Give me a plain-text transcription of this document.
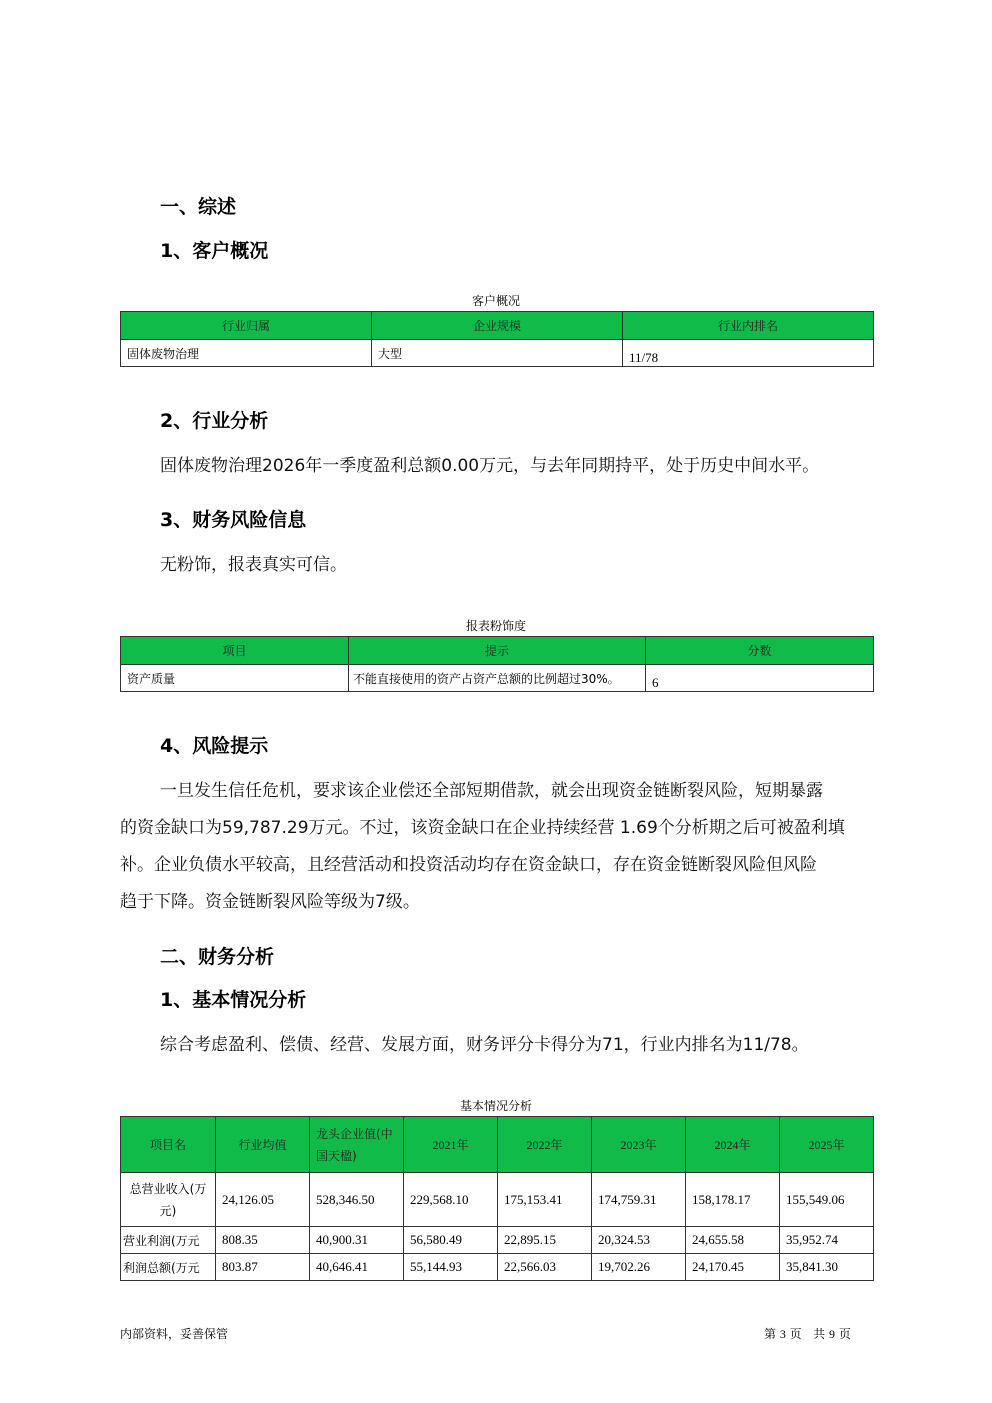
一、综述
1、客户概况
客户概况
行业归属	企业规模	行业内排名
固体废物治理	大型	11/78
2、行业分析
固体废物治理2026年一季度盈利总额0.00万元，与去年同期持平，处于历史中间水平。
3、财务风险信息
无粉饰，报表真实可信。
报表粉饰度
项目	提示	分数
资产质量	不能直接使用的资产占资产总额的比例超过30%。	6
4、风险提示
一旦发生信任危机，要求该企业偿还全部短期借款，就会出现资金链断裂风险，短期暴露
的资金缺口为59,787.29万元。不过，该资金缺口在企业持续经营 1.69个分析期之后可被盈利填
补。企业负债水平较高，且经营活动和投资活动均存在资金缺口，存在资金链断裂风险但风险
趋于下降。资金链断裂风险等级为7级。
二、财务分析
1、基本情况分析
综合考虑盈利、偿债、经营、发展方面，财务评分卡得分为71，行业内排名为11/78。
基本情况分析
项目名	行业均值	龙头企业值(中国天楹)	2021年	2022年	2023年	2024年	2025年
总营业收入(万元)	24,126.05	528,346.50	229,568.10	175,153.41	174,759.31	158,178.17	155,549.06
营业利润(万元	808.35	40,900.31	56,580.49	22,895.15	20,324.53	24,655.58	35,952.74
利润总额(万元	803.87	40,646.41	55,144.93	22,566.03	19,702.26	24,170.45	35,841.30
内部资料，妥善保管	第 3 页 共 9 页
